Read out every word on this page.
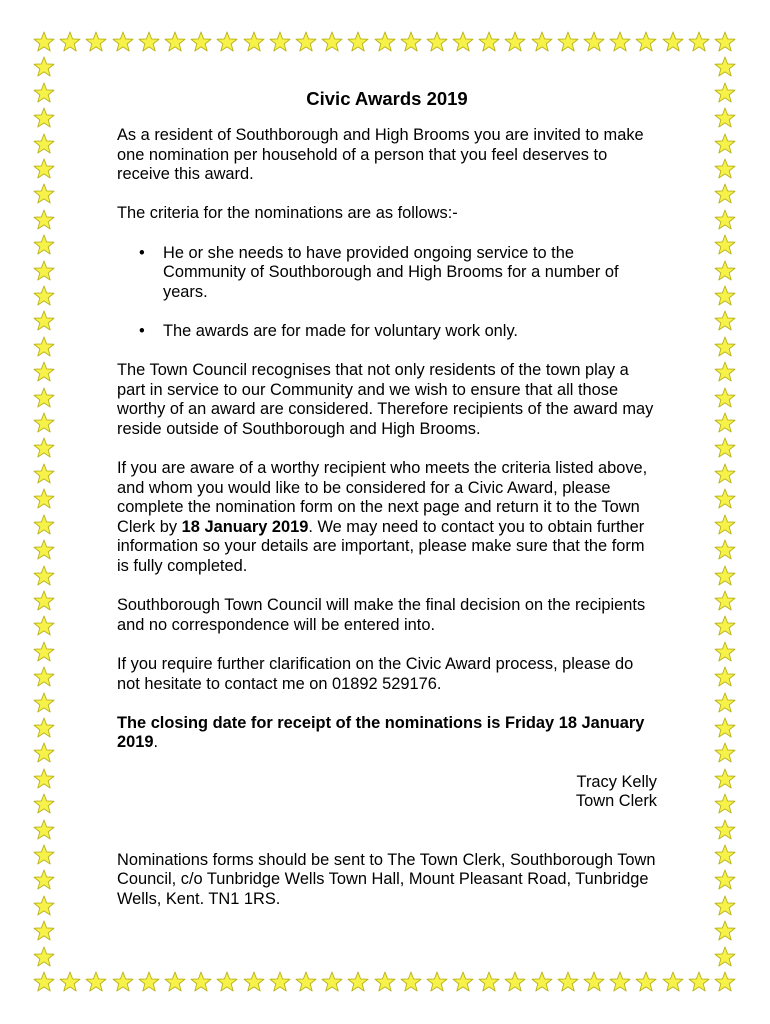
Civic Awards 2019

As a resident of Southborough and High Brooms you are invited to make one nomination per household of a person that you feel deserves to receive this award.

The criteria for the nominations are as follows:-

• He or she needs to have provided ongoing service to the Community of Southborough and High Brooms for a number of years.
• The awards are for made for voluntary work only.

The Town Council recognises that not only residents of the town play a part in service to our Community and we wish to ensure that all those worthy of an award are considered. Therefore recipients of the award may reside outside of Southborough and High Brooms.

If you are aware of a worthy recipient who meets the criteria listed above, and whom you would like to be considered for a Civic Award, please complete the nomination form on the next page and return it to the Town Clerk by 18 January 2019. We may need to contact you to obtain further information so your details are important, please make sure that the form is fully completed.

Southborough Town Council will make the final decision on the recipients and no correspondence will be entered into.

If you require further clarification on the Civic Award process, please do not hesitate to contact me on 01892 529176.

The closing date for receipt of the nominations is Friday 18 January 2019.

Tracy Kelly
Town Clerk

Nominations forms should be sent to The Town Clerk, Southborough Town Council, c/o Tunbridge Wells Town Hall, Mount Pleasant Road, Tunbridge Wells, Kent. TN1 1RS.
